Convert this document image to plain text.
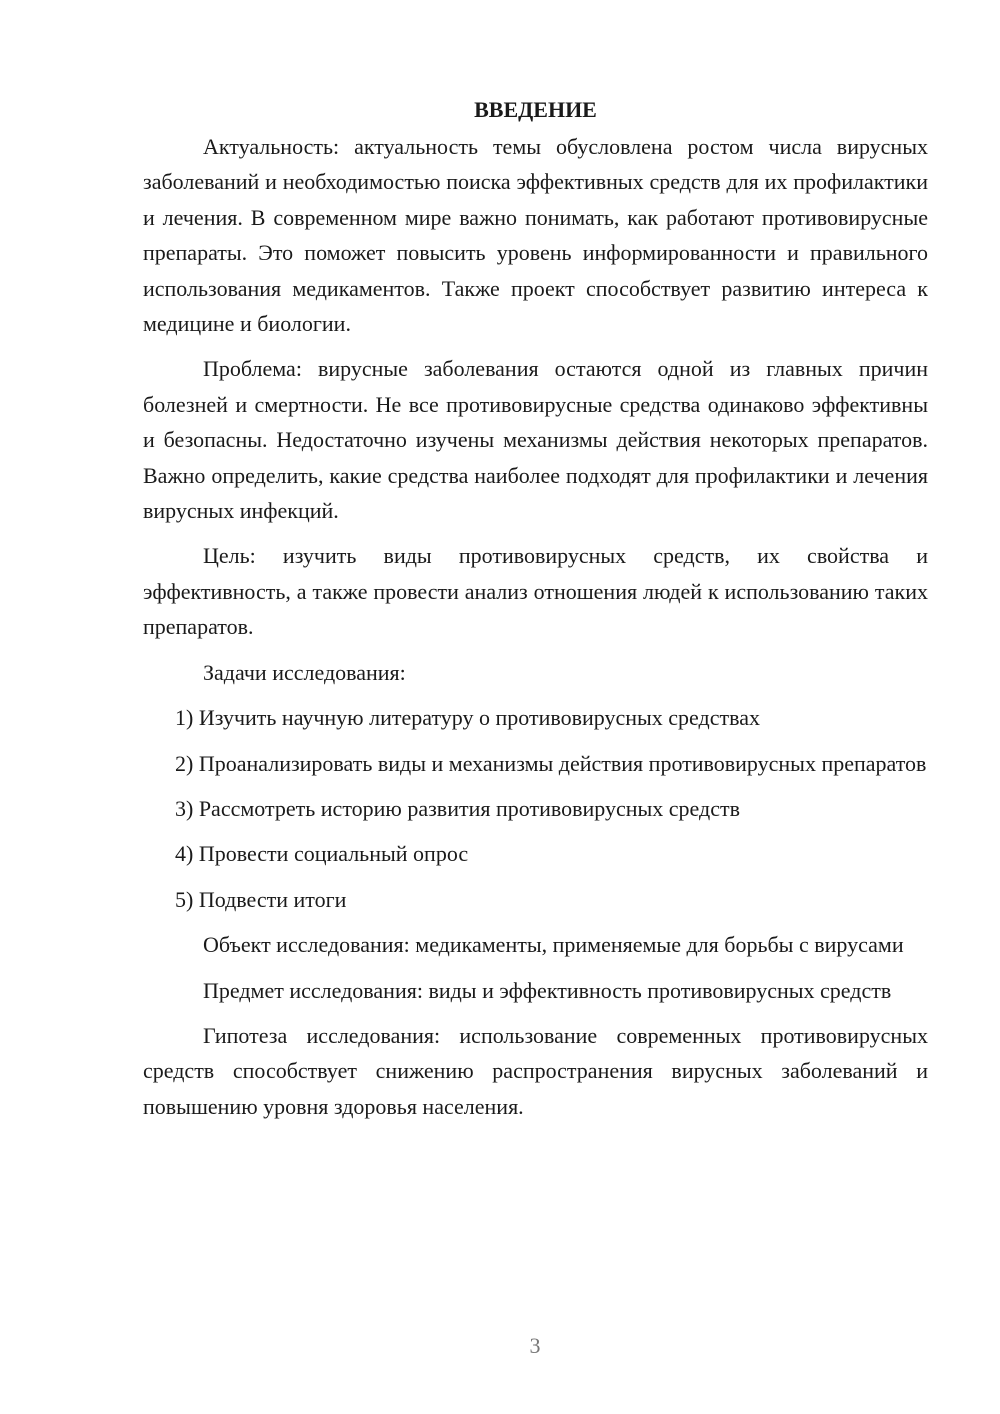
ВВЕДЕНИЕ

Актуальность: актуальность темы обусловлена ростом числа вирусных заболеваний и необходимостью поиска эффективных средств для их профилактики и лечения. В современном мире важно понимать, как работают противовирусные препараты. Это поможет повысить уровень информированности и правильного использования медикаментов. Также проект способствует развитию интереса к медицине и биологии.

Проблема: вирусные заболевания остаются одной из главных причин болезней и смертности. Не все противовирусные средства одинаково эффективны и безопасны. Недостаточно изучены механизмы действия некоторых препаратов. Важно определить, какие средства наиболее подходят для профилактики и лечения вирусных инфекций.

Цель: изучить виды противовирусных средств, их свойства и эффективность, а также провести анализ отношения людей к использованию таких препаратов.

Задачи исследования:

1) Изучить научную литературу о противовирусных средствах

2) Проанализировать виды и механизмы действия противовирусных препаратов

3) Рассмотреть историю развития противовирусных средств

4) Провести социальный опрос

5) Подвести итоги

Объект исследования: медикаменты, применяемые для борьбы с вирусами

Предмет исследования: виды и эффективность противовирусных средств

Гипотеза исследования: использование современных противовирусных средств способствует снижению распространения вирусных заболеваний и повышению уровня здоровья населения.

3
